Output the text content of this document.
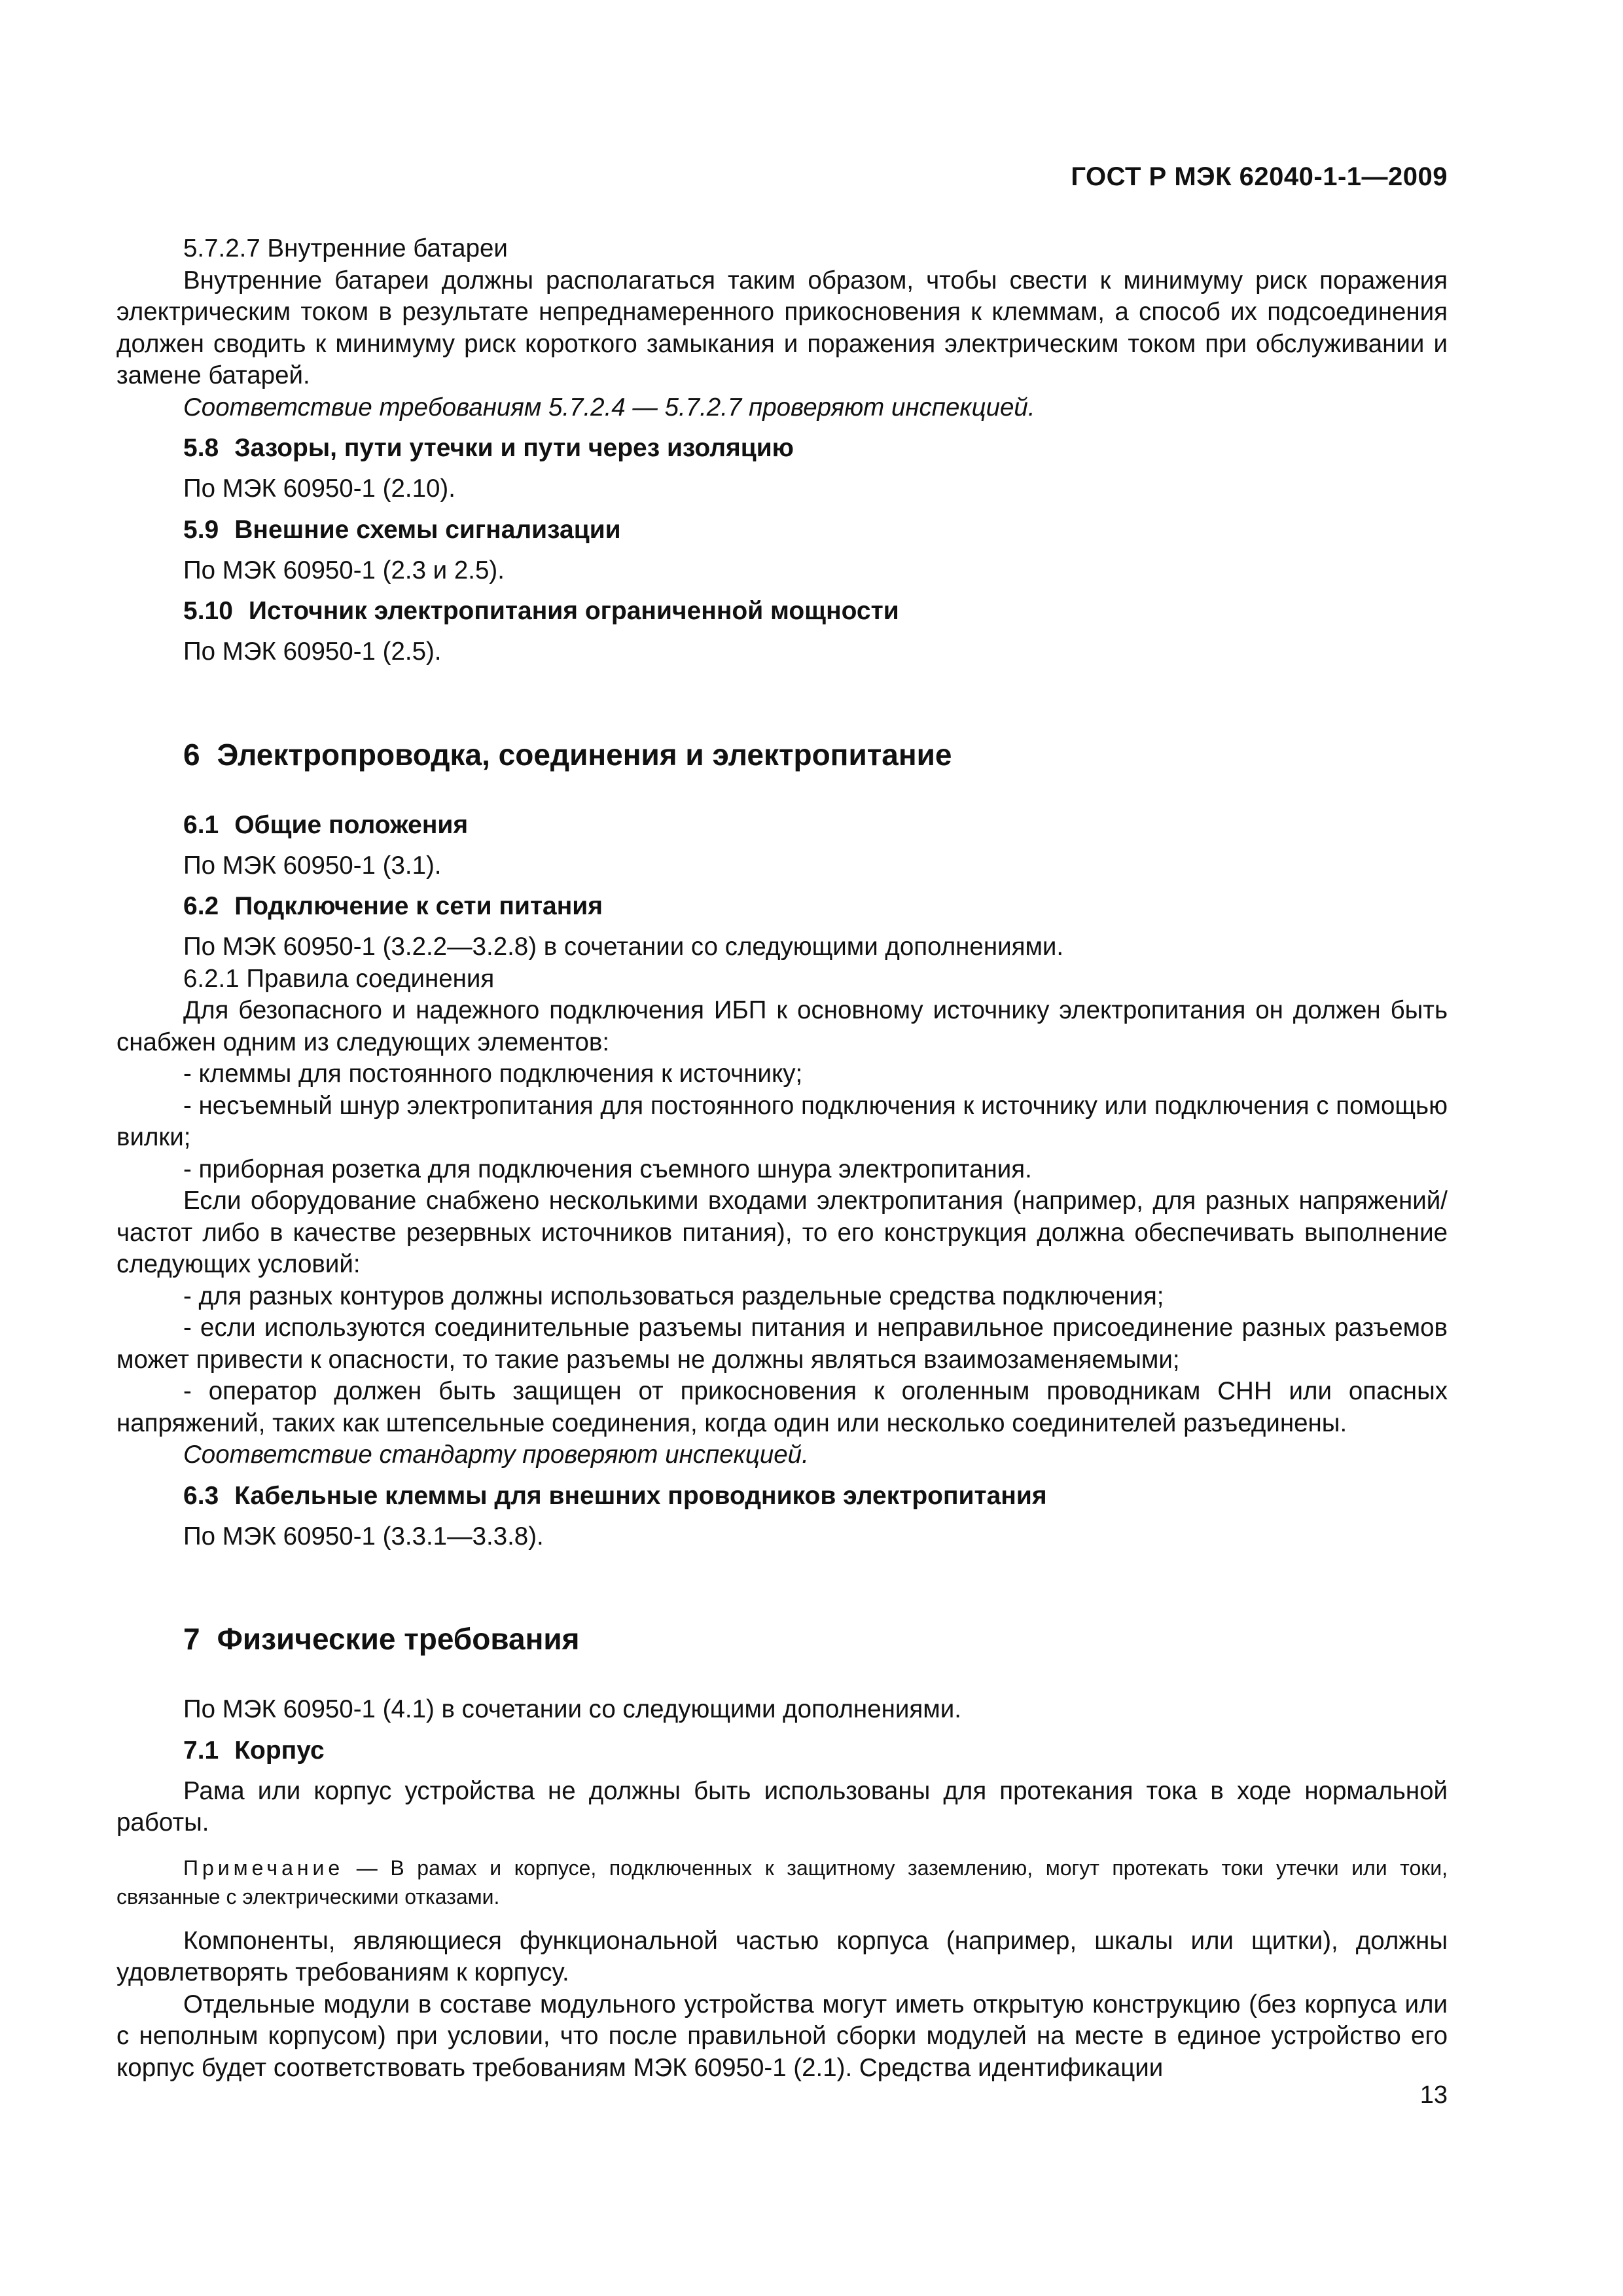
ГОСТ Р МЭК 62040-1-1—2009

5.7.2.7 Внутренние батареи

Внутренние батареи должны располагаться таким образом, чтобы свести к минимуму риск поражения электрическим током в результате непреднамеренного прикосновения к клеммам, а способ их подсоединения должен сводить к минимуму риск короткого замыкания и поражения электрическим током при обслуживании и замене батарей.

Соответствие требованиям 5.7.2.4 — 5.7.2.7 проверяют инспекцией.

5.8 Зазоры, пути утечки и пути через изоляцию

По МЭК 60950-1 (2.10).

5.9 Внешние схемы сигнализации

По МЭК 60950-1 (2.3 и 2.5).

5.10 Источник электропитания ограниченной мощности

По МЭК 60950-1 (2.5).

6 Электропроводка, соединения и электропитание
6.1 Общие положения

По МЭК 60950-1 (3.1).

6.2 Подключение к сети питания

По МЭК 60950-1 (3.2.2—3.2.8) в сочетании со следующими дополнениями.

6.2.1 Правила соединения

Для безопасного и надежного подключения ИБП к основному источнику электропитания он должен быть снабжен одним из следующих элементов:

- клеммы для постоянного подключения к источнику;

- несъемный шнур электропитания для постоянного подключения к источнику или подключения с помощью вилки;

- приборная розетка для подключения съемного шнура электропитания.

Если оборудование снабжено несколькими входами электропитания (например, для разных напряжений/частот либо в качестве резервных источников питания), то его конструкция должна обеспечивать выполнение следующих условий:

- для разных контуров должны использоваться раздельные средства подключения;

- если используются соединительные разъемы питания и неправильное присоединение разных разъемов может привести к опасности, то такие разъемы не должны являться взаимозаменяемыми;

- оператор должен быть защищен от прикосновения к оголенным проводникам СНН или опасных напряжений, таких как штепсельные соединения, когда один или несколько соединителей разъединены.

Соответствие стандарту проверяют инспекцией.

6.3 Кабельные клеммы для внешних проводников электропитания

По МЭК 60950-1 (3.3.1—3.3.8).

7 Физические требования

По МЭК 60950-1 (4.1) в сочетании со следующими дополнениями.

7.1 Корпус

Рама или корпус устройства не должны быть использованы для протекания тока в ходе нормальной работы.

Примечание — В рамах и корпусе, подключенных к защитному заземлению, могут протекать токи утечки или токи, связанные с электрическими отказами.

Компоненты, являющиеся функциональной частью корпуса (например, шкалы или щитки), должны удовлетворять требованиям к корпусу.

Отдельные модули в составе модульного устройства могут иметь открытую конструкцию (без корпуса или с неполным корпусом) при условии, что после правильной сборки модулей на месте в единое устройство его корпус будет соответствовать требованиям МЭК 60950-1 (2.1). Средства идентификации

13
